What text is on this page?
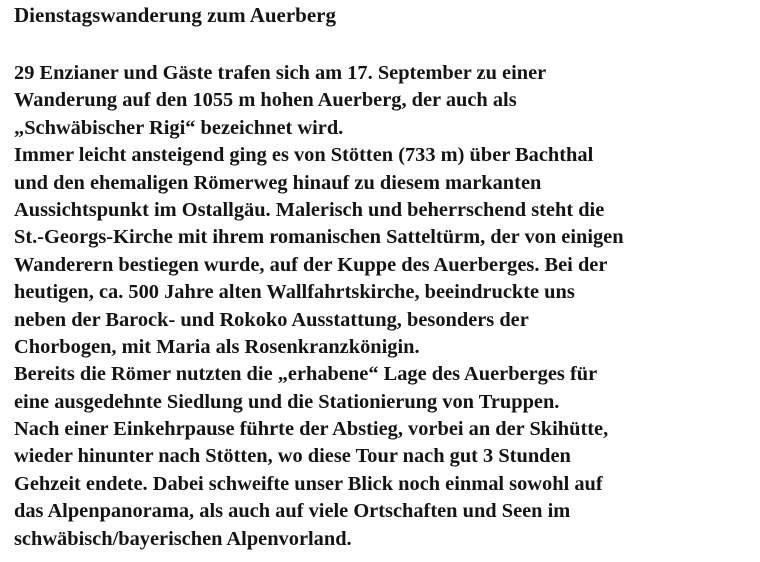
Dienstagswanderung zum Auerberg
29 Enzianer und Gäste trafen sich am 17. September zu einer
Wanderung auf den 1055 m hohen Auerberg, der auch als
„Schwäbischer Rigi“ bezeichnet wird.
Immer leicht ansteigend ging es von Stötten (733 m) über Bachthal
und den ehemaligen Römerweg hinauf zu diesem markanten
Aussichtspunkt im Ostallgäu. Malerisch und beherrschend steht die
St.-Georgs-Kirche mit ihrem romanischen Satteltürm, der von einigen
Wanderern bestiegen wurde, auf der Kuppe des Auerberges. Bei der
heutigen, ca. 500 Jahre alten Wallfahrtskirche, beeindruckte uns
neben der Barock- und Rokoko Ausstattung, besonders der
Chorbogen, mit Maria als Rosenkranzkönigin.
Bereits die Römer nutzten die „erhabene“ Lage des Auerberges für
eine ausgedehnte Siedlung und die Stationierung von Truppen.
Nach einer Einkehrpause führte der Abstieg, vorbei an der Skihütte,
wieder hinunter nach Stötten, wo diese Tour nach gut 3 Stunden
Gehzeit endete. Dabei schweifte unser Blick noch einmal sowohl auf
das Alpenpanorama, als auch auf viele Ortschaften und Seen im
schwäbisch/bayerischen Alpenvorland.
